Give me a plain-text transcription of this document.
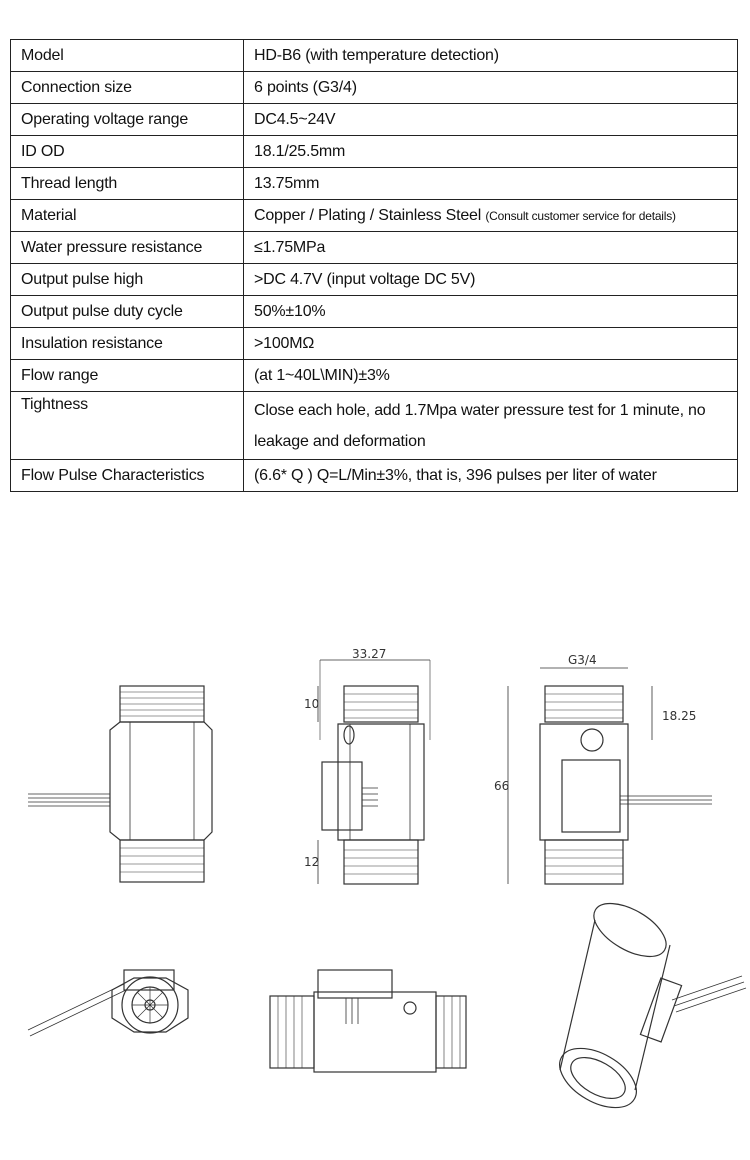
Model	HD-B6 (with temperature detection)
Connection size	6 points (G3/4)
Operating voltage range	DC4.5~24V
ID OD	18.1/25.5mm
Thread length	13.75mm
Material	Copper / Plating / Stainless Steel (Consult customer service for details)
Water pressure resistance	≤1.75MPa
Output pulse high	>DC 4.7V (input voltage DC 5V)
Output pulse duty cycle	50%±10%
Insulation resistance	>100MΩ
Flow range	(at 1~40L\MIN)±3%
Tightness	Close each hole, add 1.7Mpa water pressure test for 1 minute, no leakage and deformation
Flow Pulse Characteristics	(6.6* Q ) Q=L/Min±3%, that is, 396 pulses per liter of water
33.27	G3/4
66
18.25
10
12
